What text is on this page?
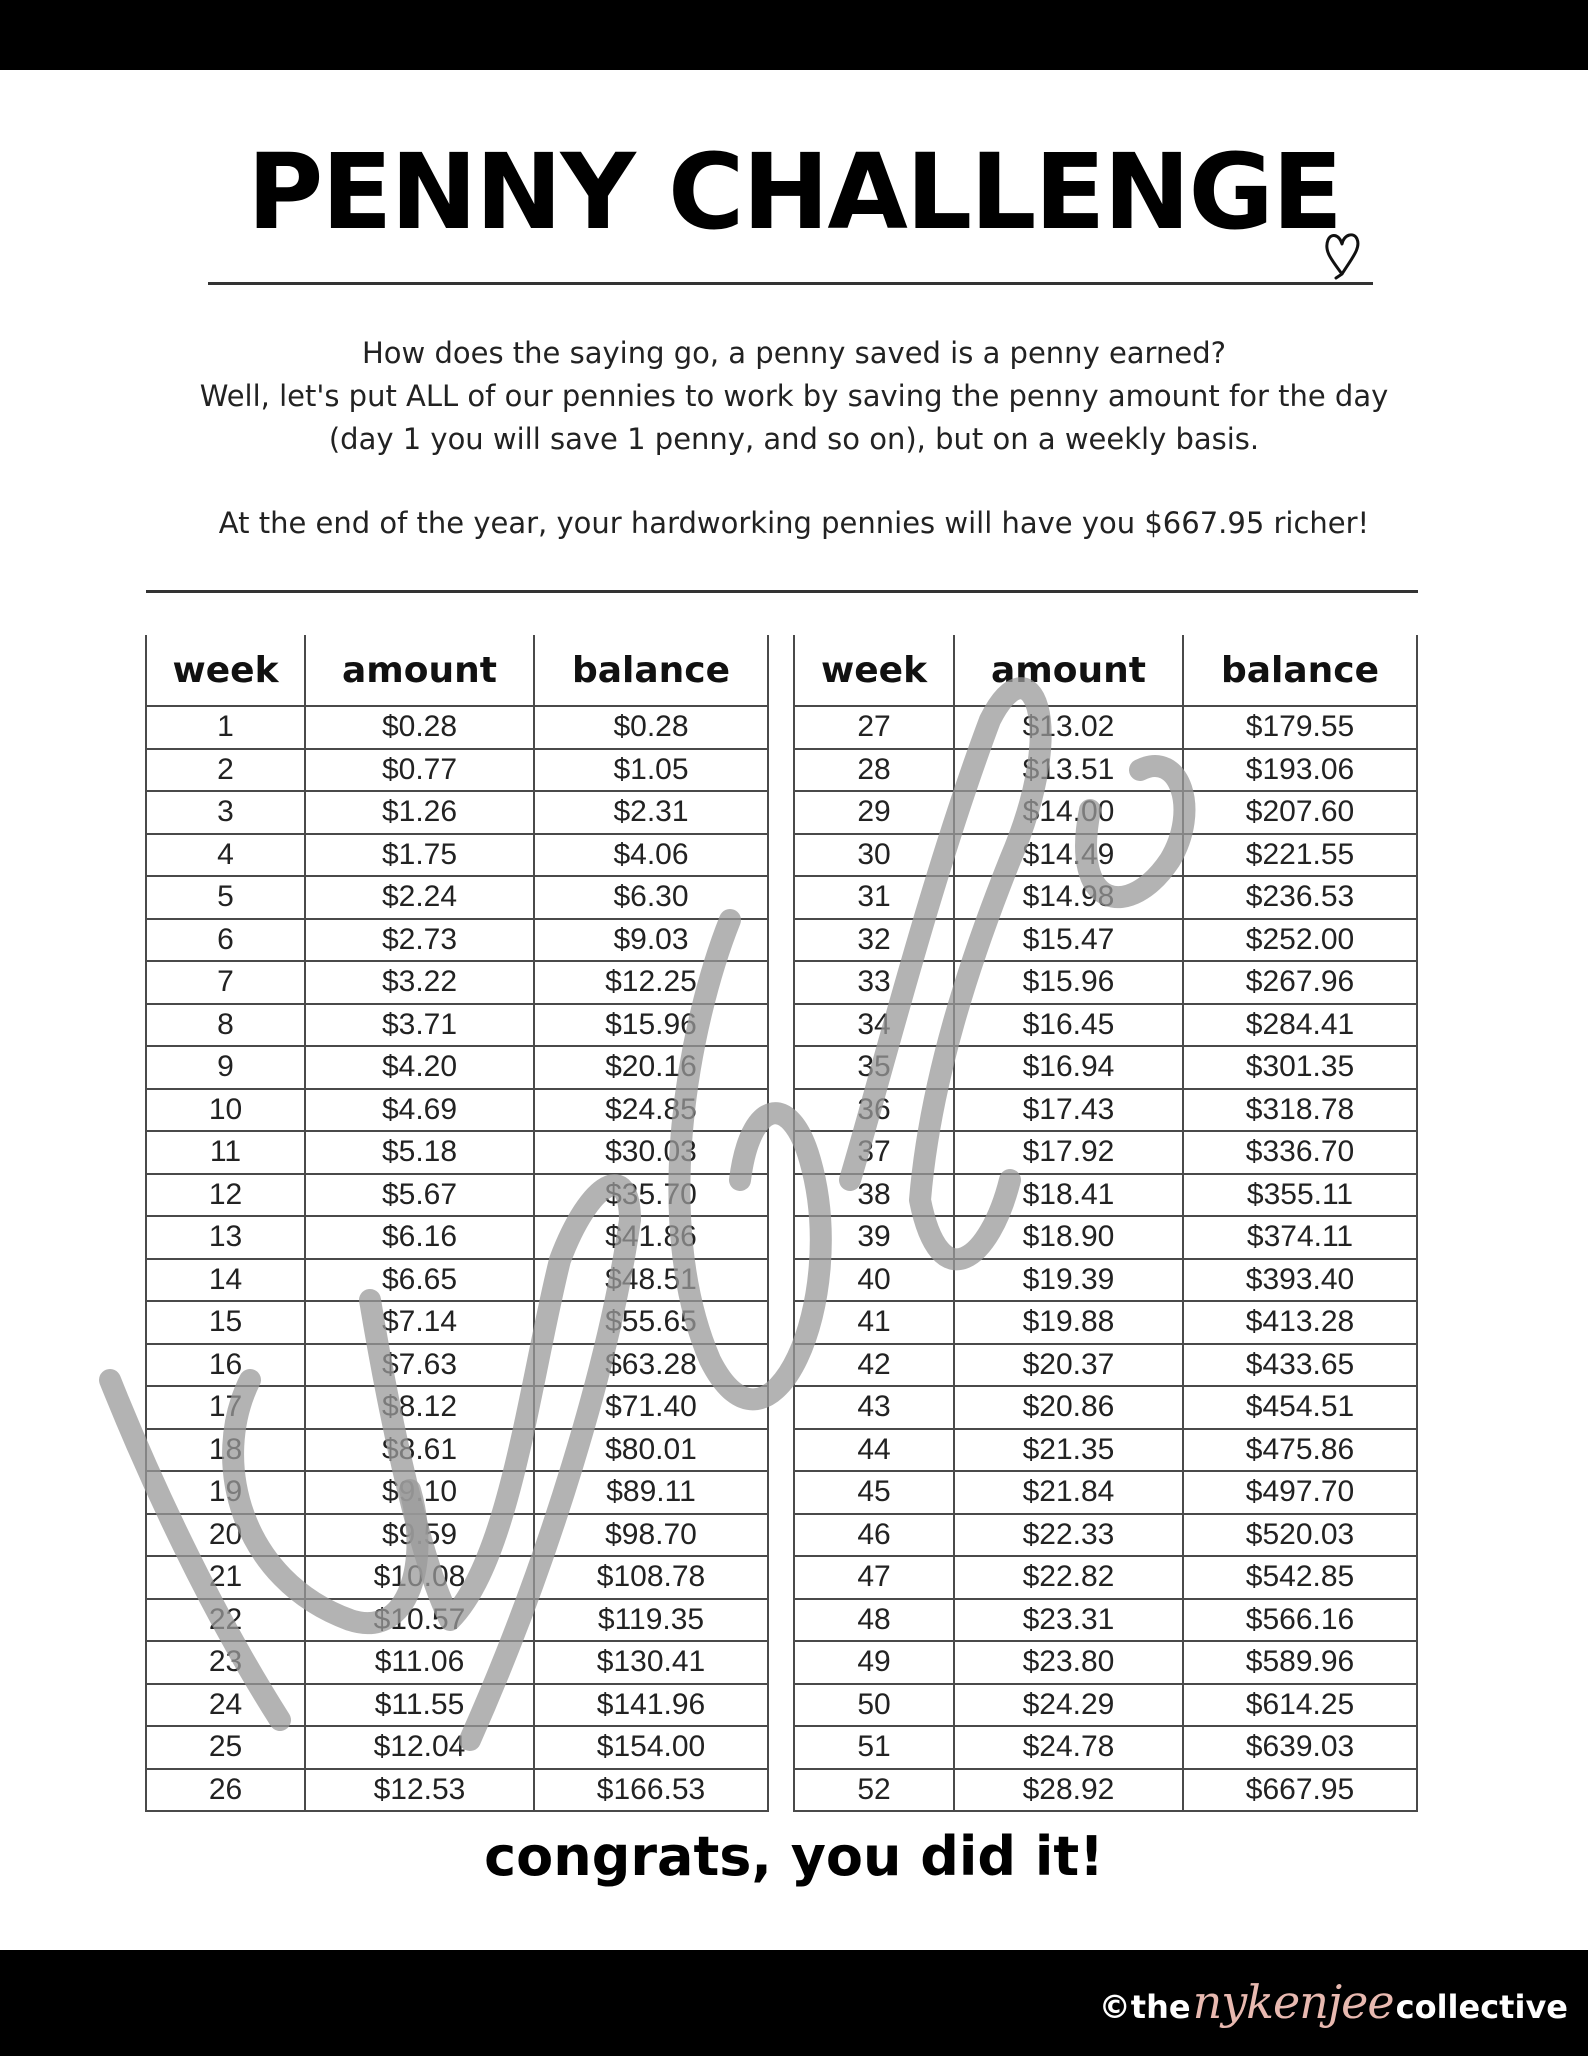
PENNY CHALLENGE
How does the saying go, a penny saved is a penny earned?
Well, let's put ALL of our pennies to work by saving the penny amount for the day
(day 1 you will save 1 penny, and so on), but on a weekly basis.
At the end of the year, your hardworking pennies will have you $667.95 richer!
week	amount	balance
1	$0.28	$0.28
2	$0.77	$1.05
3	$1.26	$2.31
4	$1.75	$4.06
5	$2.24	$6.30
6	$2.73	$9.03
7	$3.22	$12.25
8	$3.71	$15.96
9	$4.20	$20.16
10	$4.69	$24.85
11	$5.18	$30.03
12	$5.67	$35.70
13	$6.16	$41.86
14	$6.65	$48.51
15	$7.14	$55.65
16	$7.63	$63.28
17	$8.12	$71.40
18	$8.61	$80.01
19	$9.10	$89.11
20	$9.59	$98.70
21	$10.08	$108.78
22	$10.57	$119.35
23	$11.06	$130.41
24	$11.55	$141.96
25	$12.04	$154.00
26	$12.53	$166.53
week	amount	balance
27	$13.02	$179.55
28	$13.51	$193.06
29	$14.00	$207.60
30	$14.49	$221.55
31	$14.98	$236.53
32	$15.47	$252.00
33	$15.96	$267.96
34	$16.45	$284.41
35	$16.94	$301.35
36	$17.43	$318.78
37	$17.92	$336.70
38	$18.41	$355.11
39	$18.90	$374.11
40	$19.39	$393.40
41	$19.88	$413.28
42	$20.37	$433.65
43	$20.86	$454.51
44	$21.35	$475.86
45	$21.84	$497.70
46	$22.33	$520.03
47	$22.82	$542.85
48	$23.31	$566.16
49	$23.80	$589.96
50	$24.29	$614.25
51	$24.78	$639.03
52	$28.92	$667.95
congrats, you did it!
©the nykenjee collective
